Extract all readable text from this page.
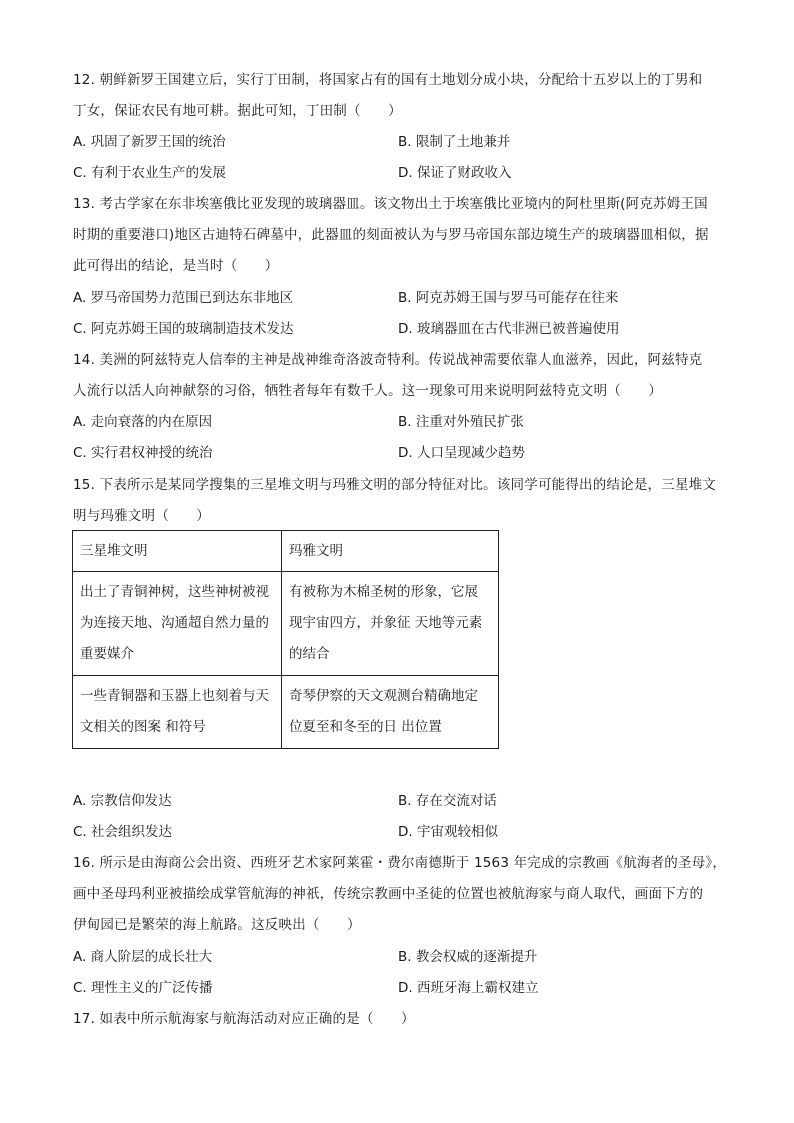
12. 朝鲜新罗王国建立后，实行丁田制，将国家占有的国有土地划分成小块，分配给十五岁以上的丁男和
丁女，保证农民有地可耕。据此可知，丁田制（　　）
A. 巩固了新罗王国的统治	B. 限制了土地兼并
C. 有利于农业生产的发展	D. 保证了财政收入
13. 考古学家在东非埃塞俄比亚发现的玻璃器皿。该文物出土于埃塞俄比亚境内的阿杜里斯(阿克苏姆王国
时期的重要港口)地区古迪特石碑墓中，此器皿的刻面被认为与罗马帝国东部边境生产的玻璃器皿相似，据
此可得出的结论，是当时（　　）
A. 罗马帝国势力范围已到达东非地区	B. 阿克苏姆王国与罗马可能存在往来
C. 阿克苏姆王国的玻璃制造技术发达	D. 玻璃器皿在古代非洲已被普遍使用
14. 美洲的阿兹特克人信奉的主神是战神维奇洛波奇特利。传说战神需要依靠人血滋养，因此，阿兹特克
人流行以活人向神献祭的习俗，牺牲者每年有数千人。这一现象可用来说明阿兹特克文明（　　）
A. 走向衰落的内在原因	B. 注重对外殖民扩张
C. 实行君权神授的统治	D. 人口呈现减少趋势
15. 下表所示是某同学搜集的三星堆文明与玛雅文明的部分特征对比。该同学可能得出的结论是，三星堆文
明与玛雅文明（　　）
三星堆文明	玛雅文明
出土了青铜神树，这些神树被视为连接天地、沟通超自然力量的重要媒介	有被称为木棉圣树的形象，它展现宇宙四方，并象征 天地等元素的结合
一些青铜器和玉器上也刻着与天文相关的图案 和符号	奇琴伊察的天文观测台精确地定位夏至和冬至的日 出位置
A. 宗教信仰发达	B. 存在交流对话
C. 社会组织发达	D. 宇宙观较相似
16. 所示是由海商公会出资、西班牙艺术家阿莱霍・费尔南德斯于 1563 年完成的宗教画《航海者的圣母》，
画中圣母玛利亚被描绘成掌管航海的神祇，传统宗教画中圣徒的位置也被航海家与商人取代，画面下方的
伊甸园已是繁荣的海上航路。这反映出（　　）
A. 商人阶层的成长壮大	B. 教会权威的逐渐提升
C. 理性主义的广泛传播	D. 西班牙海上霸权建立
17. 如表中所示航海家与航海活动对应正确的是（　　）
